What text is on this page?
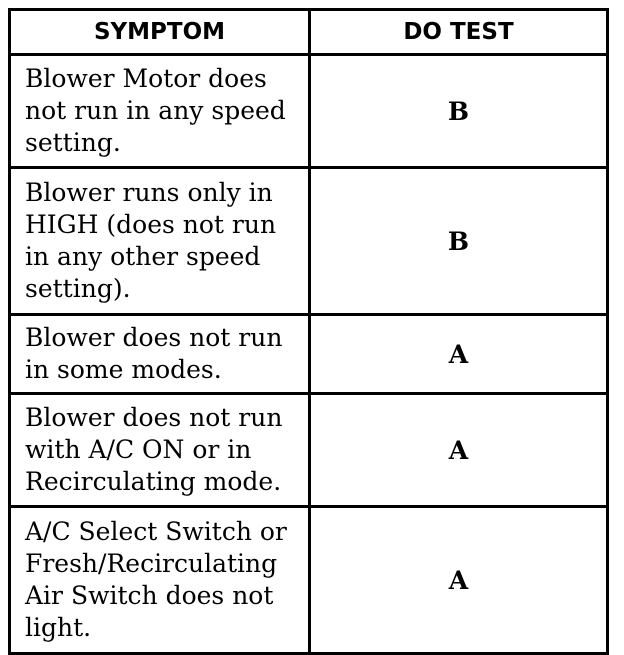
SYMPTOM	DO TEST
Blower Motor does not run in any speed setting.	B
Blower runs only in HIGH (does not run in any other speed setting).	B
Blower does not run in some modes.	A
Blower does not run with A/C ON or in Recirculating mode.	A
A/C Select Switch or Fresh/Recirculating Air Switch does not light.	A
